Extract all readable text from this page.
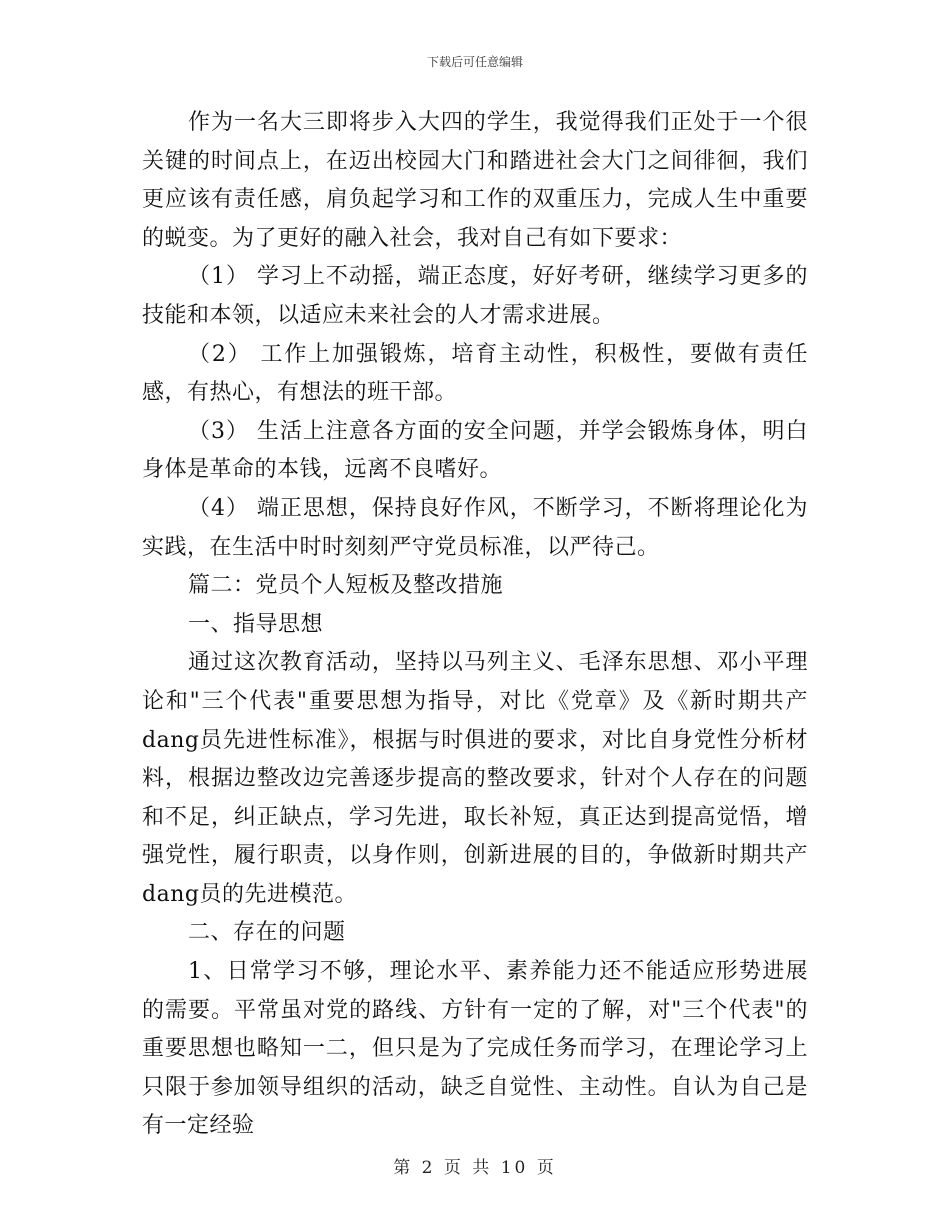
下载后可任意编辑

作为一名大三即将步入大四的学生，我觉得我们正处于一个很关键的时间点上，在迈出校园大门和踏进社会大门之间徘徊，我们更应该有责任感，肩负起学习和工作的双重压力，完成人生中重要的蜕变。为了更好的融入社会，我对自己有如下要求：

（1） 学习上不动摇，端正态度，好好考研，继续学习更多的技能和本领，以适应未来社会的人才需求进展。

（2） 工作上加强锻炼，培育主动性，积极性，要做有责任感，有热心，有想法的班干部。

（3） 生活上注意各方面的安全问题，并学会锻炼身体，明白身体是革命的本钱，远离不良嗜好。

（4） 端正思想，保持良好作风，不断学习，不断将理论化为实践，在生活中时时刻刻严守党员标准，以严待己。

篇二：党员个人短板及整改措施

一、指导思想

通过这次教育活动，坚持以马列主义、毛泽东思想、邓小平理论和"三个代表"重要思想为指导，对比《党章》及《新时期共产dang员先进性标准》，根据与时俱进的要求，对比自身党性分析材料，根据边整改边完善逐步提高的整改要求，针对个人存在的问题和不足，纠正缺点，学习先进，取长补短，真正达到提高觉悟，增强党性，履行职责，以身作则，创新进展的目的，争做新时期共产dang员的先进模范。

二、存在的问题

1、日常学习不够，理论水平、素养能力还不能适应形势进展的需要。平常虽对党的路线、方针有一定的了解，对"三个代表"的重要思想也略知一二，但只是为了完成任务而学习，在理论学习上只限于参加领导组织的活动，缺乏自觉性、主动性。自认为自己是有一定经验

第 2 页 共 10 页
